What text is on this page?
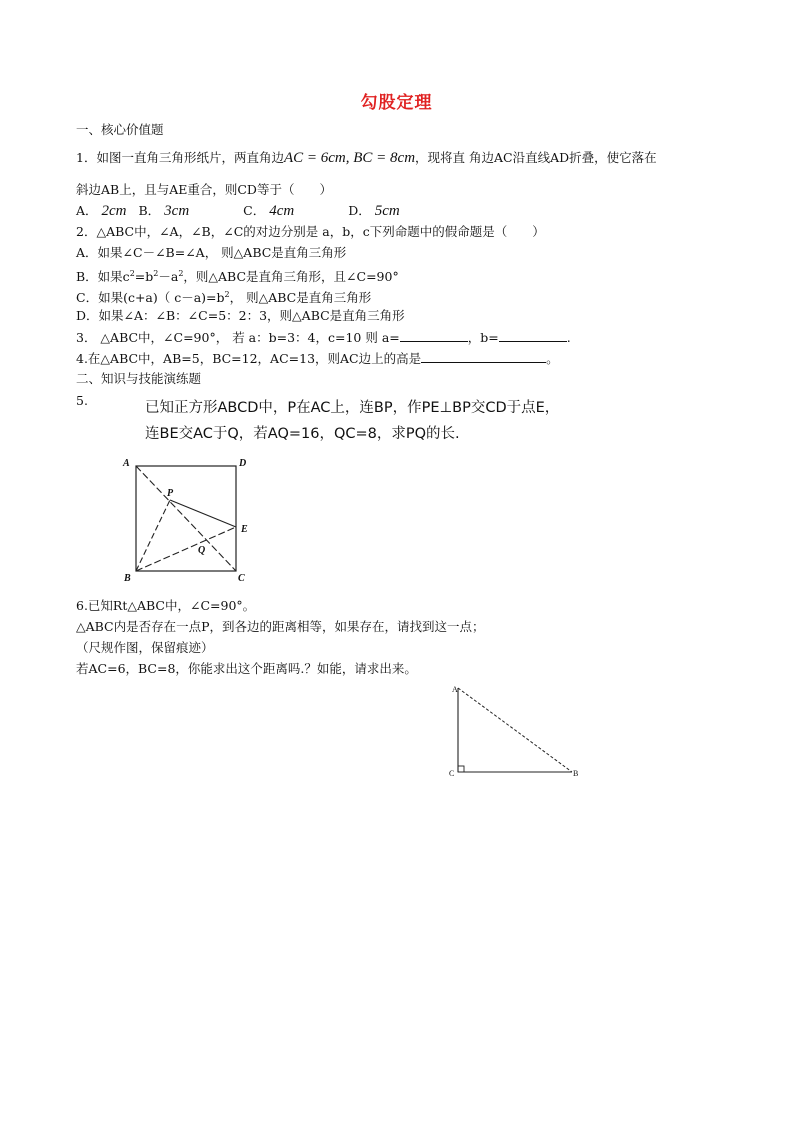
勾股定理
一、核心价值题
1．如图一直角三角形纸片，两直角边AC = 6cm, BC = 8cm，现将直 角边AC沿直线AD折叠，使它落在
斜边AB上，且与AE重合，则CD等于（　　）
A． 2cm B． 3cm	C． 4cm	D． 5cm
2．△ABC中，∠A，∠B，∠C的对边分别是 a，b，c下列命题中的假命题是（　　）
A．如果∠C－∠B=∠A， 则△ABC是直角三角形
B．如果$c^2=b^2-a^2$，则△ABC是直角三角形，且∠C=90°
C．如果(c+a)（ $c-a)=b^2$， 则△ABC是直角三角形
D．如果∠A：∠B：∠C=5：2：3，则△ABC是直角三角形
3． △ABC中，∠C=90°， 若 a：b=3：4，c=10 则 a=	，b=	.
4.在△ABC中，AB=5，BC=12，AC=13，则AC边上的高是	。
二、知识与技能演练题
5.	已知正方形ABCD中，P在AC上，连BP，作PE⊥BP交CD于点E，
连BE交AC于Q，若AQ=16，QC=8，求PQ的长.
A	D
P
E
Q
B	C
6.已知Rt△ABC中，∠C=90°。
△ABC内是否存在一点P，到各边的距离相等，如果存在，请找到这一点；
（尺规作图，保留痕迹）
若AC=6，BC=8，你能求出这个距离吗.？如能，请求出来。
A
C	B
